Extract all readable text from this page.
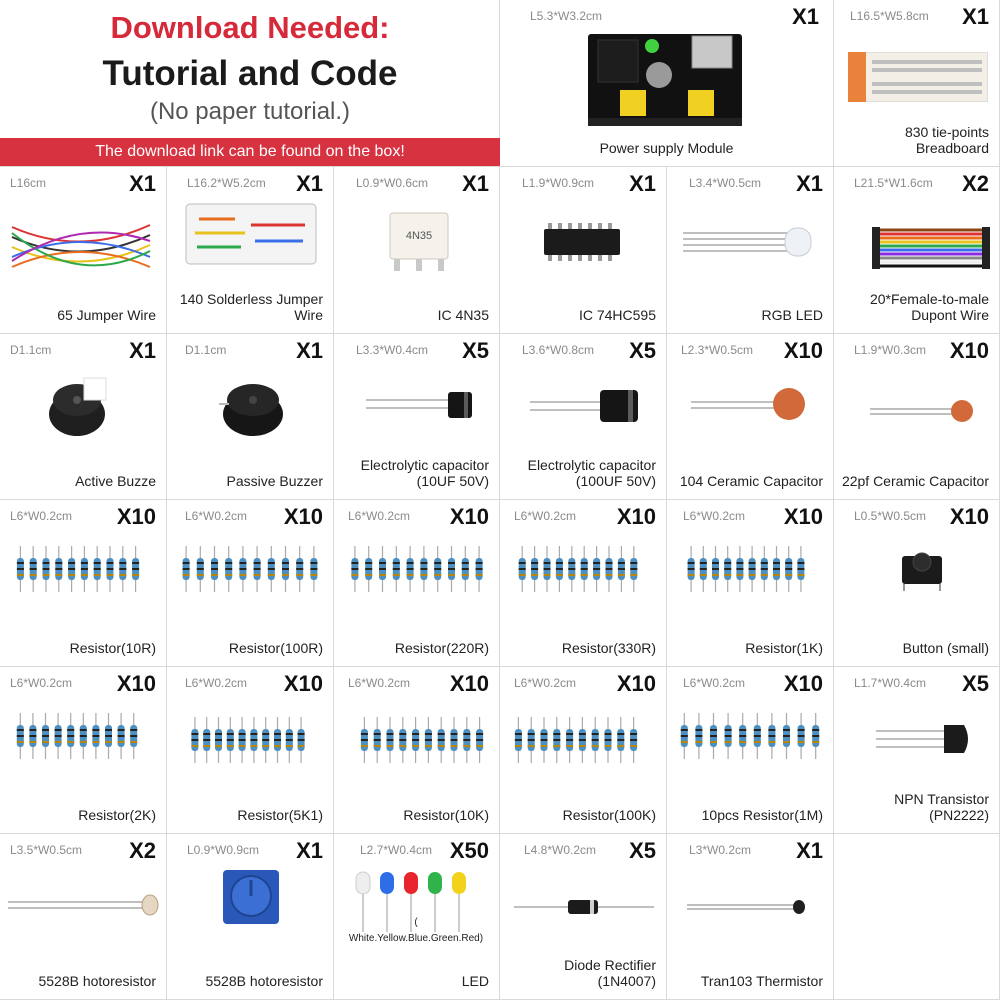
Download Needed:
Tutorial and Code
(No paper tutorial.)
The download link can be found on the box!
L5.3*W3.2cm	X1
Power supply Module
L16.5*W5.8cm X1
830 tie-points Breadboard
L16cm	X1
65 Jumper Wire
L16.2*W5.2cm X1
140 Solderless Jumper Wire
L0.9*W0.6cm X1
4N35
IC 4N35
L1.9*W0.9cm X1
IC 74HC595
L3.4*W0.5cm X1
RGB LED
L21.5*W1.6cm X2
20*Female-to-male Dupont Wire
D1.1cm	X1
Active Buzze
D1.1cm	X1
Passive Buzzer
L3.3*W0.4cm X5
Electrolytic capacitor (10UF 50V)
L3.6*W0.8cm X5
Electrolytic capacitor (100UF 50V)
L2.3*W0.5cm X10
104 Ceramic Capacitor
L1.9*W0.3cm X10
22pf Ceramic Capacitor
L6*W0.2cm X10
Resistor(10R)
L6*W0.2cm X10
Resistor(100R)
L6*W0.2cm X10
Resistor(220R)
L6*W0.2cm X10
Resistor(330R)
L6*W0.2cm X10
Resistor(1K)
L0.5*W0.5cm X10
Button (small)
L6*W0.2cm X10
Resistor(2K)
L6*W0.2cm X10
Resistor(5K1)
L6*W0.2cm X10
Resistor(10K)
L6*W0.2cm X10
Resistor(100K)
L6*W0.2cm X10
10pcs Resistor(1M)
L1.7*W0.4cm X5
NPN Transistor (PN2222)
L3.5*W0.5cm X2
5528B hotoresistor
L0.9*W0.9cm X1
5528B hotoresistor
L2.7*W0.4cm X50
( White.Yellow.Blue.Green.Red)
LED
L4.8*W0.2cm X5
Diode Rectifier (1N4007)
L3*W0.2cm X1
Tran103 Thermistor
